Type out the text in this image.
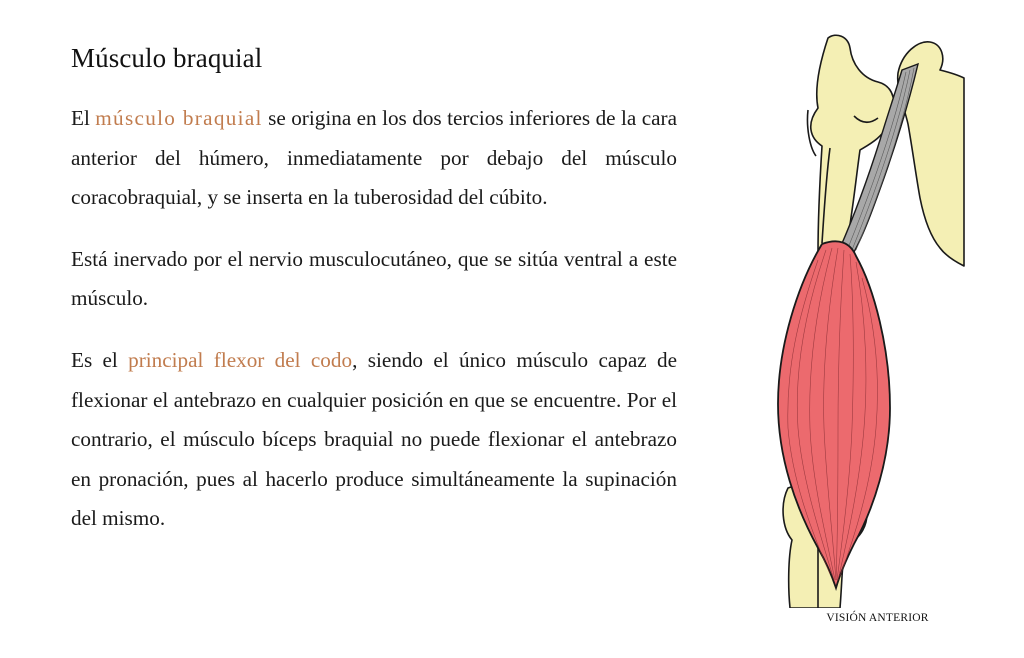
Músculo braquial

El músculo braquial se origina en los dos tercios inferiores de la cara anterior del húmero, inmediatamente por debajo del músculo coracobraquial, y se inserta en la tuberosidad del cúbito.

Está inervado por el nervio musculocutáneo, que se sitúa ventral a este músculo.

Es el principal flexor del codo, siendo el único músculo capaz de flexionar el antebrazo en cualquier posición en que se encuentre. Por el contrario, el músculo bíceps braquial no puede flexionar el antebrazo en pronación, pues al hacerlo produce simultáneamente la supinación del mismo.

VISIÓN ANTERIOR
